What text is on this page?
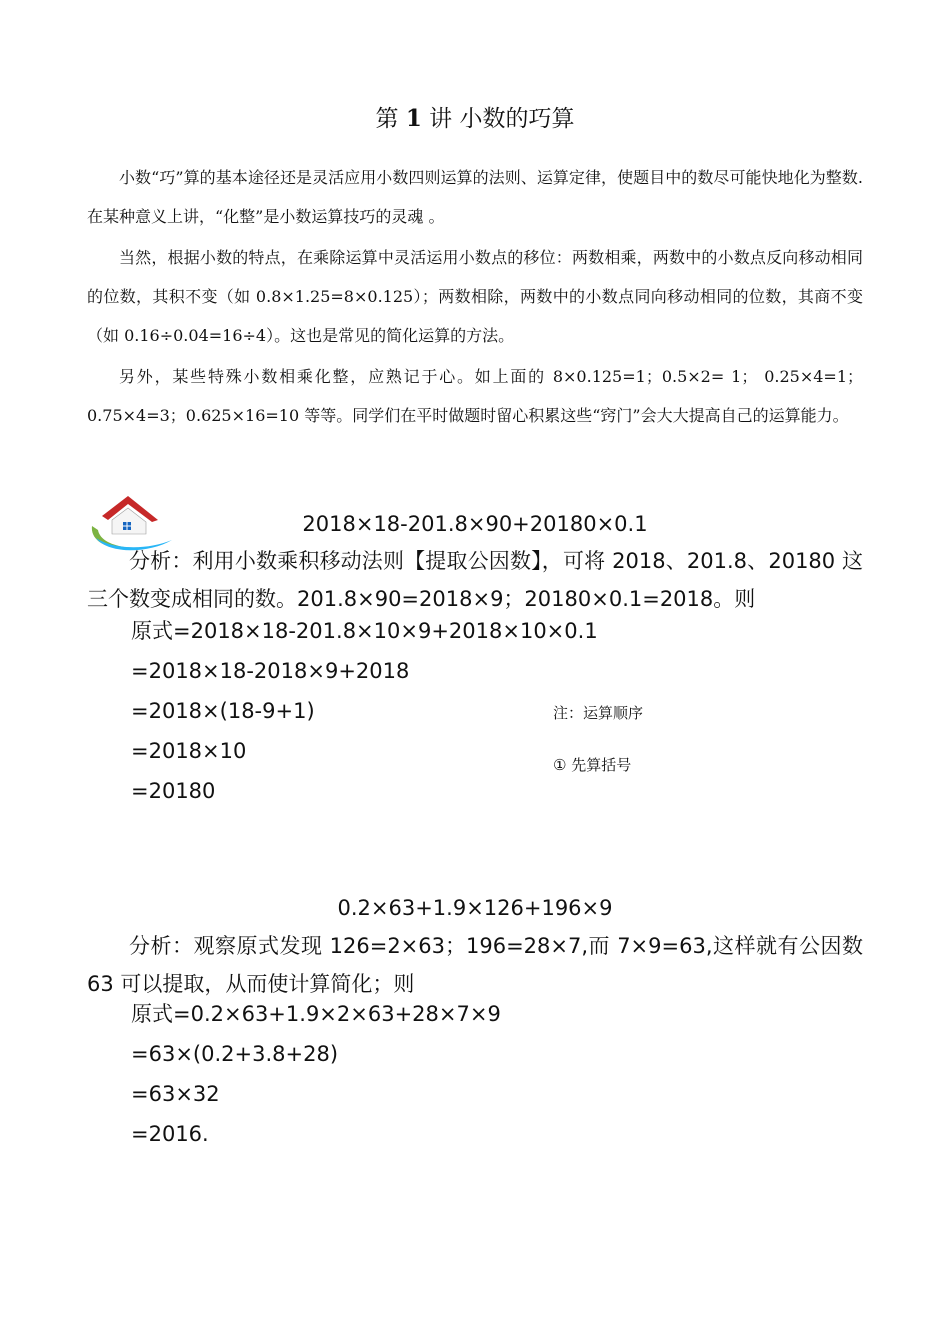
第 1 讲 小数的巧算

小数“巧”算的基本途径还是灵活应用小数四则运算的法则、运算定律，使题目中的数尽可能快地化为整数.在某种意义上讲，“化整”是小数运算技巧的灵魂 。

当然，根据小数的特点，在乘除运算中灵活运用小数点的移位：两数相乘，两数中的小数点反向移动相同的位数，其积不变（如 0.8×1.25=8×0.125）；两数相除，两数中的小数点同向移动相同的位数，其商不变（如 0.16÷0.04=16÷4）。这也是常见的简化运算的方法。

另外，某些特殊小数相乘化整，应熟记于心。如上面的 8×0.125=1；0.5×2= 1； 0.25×4=1；0.75×4=3；0.625×16=10 等等。同学们在平时做题时留心积累这些“窍门”会大大提高自己的运算能力。

2018×18-201.8×90+20180×0.1

分析：利用小数乘积移动法则【提取公因数】，可将 2018、201.8、20180 这三个数变成相同的数。201.8×90=2018×9；20180×0.1=2018。则

原式=2018×18-201.8×10×9+2018×10×0.1
=2018×18-2018×9+2018
=2018×(18-9+1)
=2018×10
=20180
注：运算顺序
① 先算括号
0.2×63+1.9×126+196×9

分析：观察原式发现 126=2×63；196=28×7,而 7×9=63,这样就有公因数 63 可以提取，从而使计算简化；则

原式=0.2×63+1.9×2×63+28×7×9
=63×(0.2+3.8+28)
=63×32
=2016.
